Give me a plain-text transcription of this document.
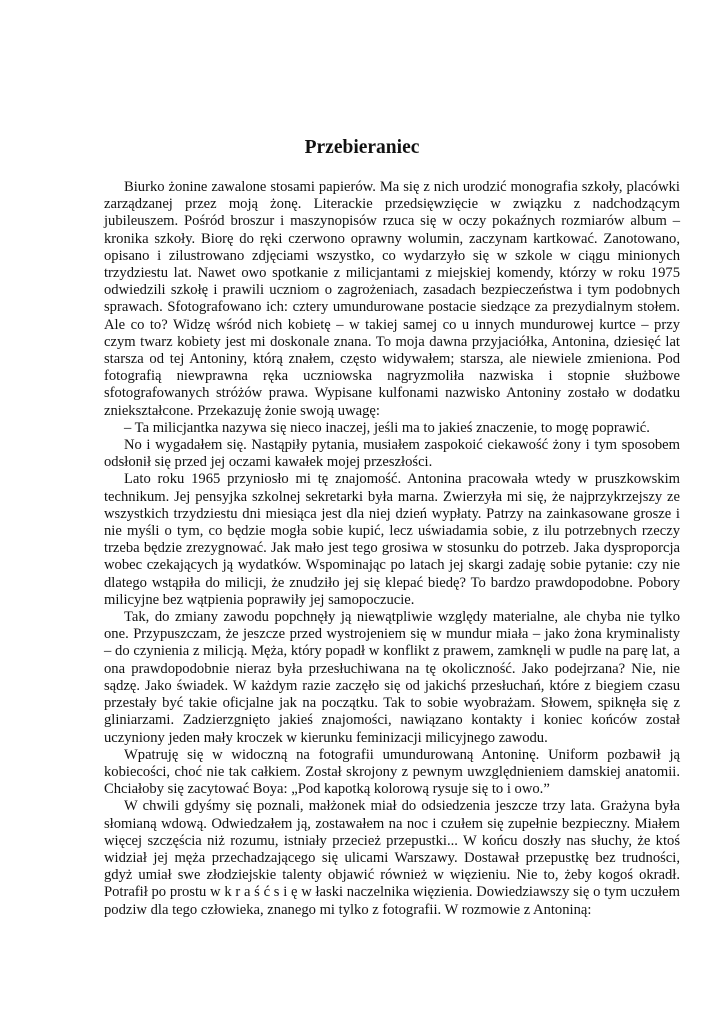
Przebieraniec

Biurko żonine zawalone stosami papierów. Ma się z nich urodzić monografia szkoły, placówki zarządzanej przez moją żonę. Literackie przedsięwzięcie w związku z nadchodzącym jubileuszem. Pośród broszur i maszynopisów rzuca się w oczy pokaźnych rozmiarów album – kronika szkoły. Biorę do ręki czerwono oprawny wolumin, zaczynam kartkować. Zanotowano, opisano i zilustrowano zdjęciami wszystko, co wydarzyło się w szkole w ciągu minionych trzydziestu lat. Nawet owo spotkanie z milicjantami z miejskiej komendy, którzy w roku 1975 odwiedzili szkołę i prawili uczniom o zagrożeniach, zasadach bezpieczeństwa i tym podobnych sprawach. Sfotografowano ich: cztery umundurowane postacie siedzące za prezydialnym stołem. Ale co to? Widzę wśród nich kobietę – w takiej samej co u innych mundurowej kurtce – przy czym twarz kobiety jest mi doskonale znana. To moja dawna przyjaciółka, Antonina, dziesięć lat starsza od tej Antoniny, którą znałem, często widywałem; starsza, ale niewiele zmieniona. Pod fotografią niewprawna ręka uczniowska nagryzmoliła nazwiska i stopnie służbowe sfotografowanych stróżów prawa. Wypisane kulfonami nazwisko Antoniny zostało w dodatku zniekształcone. Przekazuję żonie swoją uwagę:

– Ta milicjantka nazywa się nieco inaczej, jeśli ma to jakieś znaczenie, to mogę poprawić.

No i wygadałem się. Nastąpiły pytania, musiałem zaspokoić ciekawość żony i tym sposobem odsłonił się przed jej oczami kawałek mojej przeszłości.

Lato roku 1965 przyniosło mi tę znajomość. Antonina pracowała wtedy w pruszkowskim technikum. Jej pensyjka szkolnej sekretarki była marna. Zwierzyła mi się, że najprzykrzejszy ze wszystkich trzydziestu dni miesiąca jest dla niej dzień wypłaty. Patrzy na zainkasowane grosze i nie myśli o tym, co będzie mogła sobie kupić, lecz uświadamia sobie, z ilu potrzebnych rzeczy trzeba będzie zrezygnować. Jak mało jest tego grosiwa w stosunku do potrzeb. Jaka dysproporcja wobec czekających ją wydatków. Wspominając po latach jej skargi zadaję sobie pytanie: czy nie dlatego wstąpiła do milicji, że znudziło jej się klepać biedę? To bardzo prawdopodobne. Pobory milicyjne bez wątpienia poprawiły jej samopoczucie.

Tak, do zmiany zawodu popchnęły ją niewątpliwie względy materialne, ale chyba nie tylko one. Przypuszczam, że jeszcze przed wystrojeniem się w mundur miała – jako żona kryminalisty – do czynienia z milicją. Męża, który popadł w konflikt z prawem, zamknęli w pudle na parę lat, a ona prawdopodobnie nieraz była przesłuchiwana na tę okoliczność. Jako podejrzana? Nie, nie sądzę. Jako świadek. W każdym razie zaczęło się od jakichś przesłuchań, które z biegiem czasu przestały być takie oficjalne jak na początku. Tak to sobie wyobrażam. Słowem, spiknęła się z gliniarzami. Zadzierzgnięto jakieś znajomości, nawiązano kontakty i koniec końców został uczyniony jeden mały kroczek w kierunku feminizacji milicyjnego zawodu.

Wpatruję się w widoczną na fotografii umundurowaną Antoninę. Uniform pozbawił ją kobiecości, choć nie tak całkiem. Został skrojony z pewnym uwzględnieniem damskiej anatomii. Chciałoby się zacytować Boya: „Pod kapotką kolorową rysuje się to i owo.”

W chwili gdyśmy się poznali, małżonek miał do odsiedzenia jeszcze trzy lata. Grażyna była słomianą wdową. Odwiedzałem ją, zostawałem na noc i czułem się zupełnie bezpieczny. Miałem więcej szczęścia niż rozumu, istniały przecież przepustki... W końcu doszły nas słuchy, że ktoś widział jej męża przechadzającego się ulicami Warszawy. Dostawał przepustkę bez trudności, gdyż umiał swe złodziejskie talenty objawić również w więzieniu. Nie to, żeby kogoś okradł. Potrafił po prostu w k r a ś ć s i ę w łaski naczelnika więzienia. Dowiedziawszy się o tym uczułem podziw dla tego człowieka, znanego mi tylko z fotografii. W rozmowie z Antoniną:
